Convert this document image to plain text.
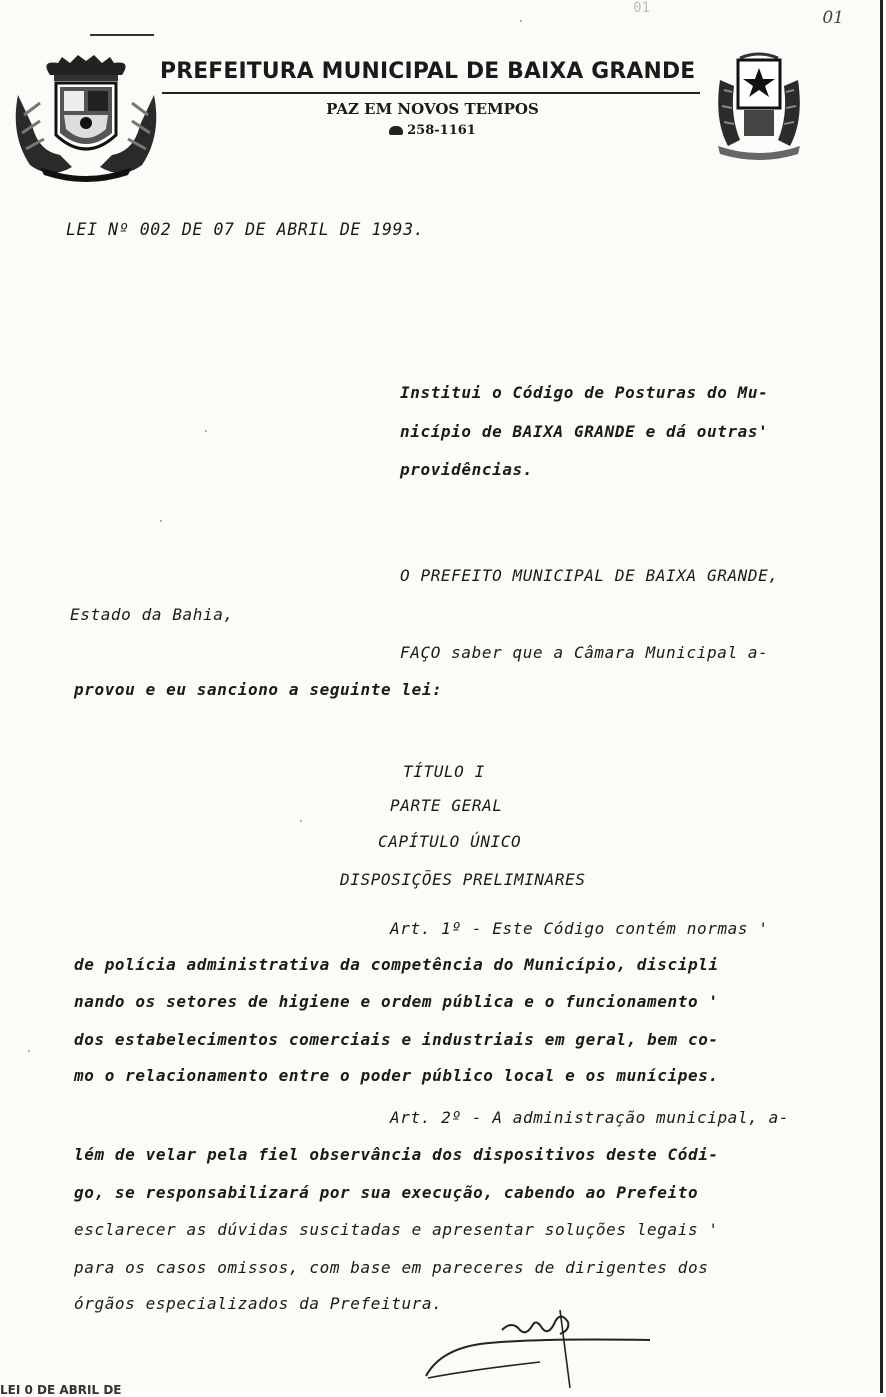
01	01
PREFEITURA MUNICIPAL DE BAIXA GRANDE
PAZ EM NOVOS TEMPOS
258-1161
LEI Nº 002 DE 07 DE ABRIL DE 1993.
Institui o Código de Posturas do Mu-
nicípio de BAIXA GRANDE e dá outras'
providências.
O PREFEITO MUNICIPAL DE BAIXA GRANDE,
Estado da Bahia,
FAÇO saber que a Câmara Municipal a-
provou e eu sanciono a seguinte lei:
TÍTULO I
PARTE GERAL
CAPÍTULO ÚNICO
DISPOSIÇÕES PRELIMINARES
Art. 1º - Este Código contém normas '
de polícia administrativa da competência do Município, discipli
nando os setores de higiene e ordem pública e o funcionamento '
dos estabelecimentos comerciais e industriais em geral, bem co-
mo o relacionamento entre o poder público local e os munícipes.
Art. 2º - A administração municipal, a-
lém de velar pela fiel observância dos dispositivos deste Códi-
go, se responsabilizará por sua execução, cabendo ao Prefeito
esclarecer as dúvidas suscitadas e apresentar soluções legais '
para os casos omissos, com base em pareceres de dirigentes dos
órgãos especializados da Prefeitura.
LEI 0 DE ABRIL DE
